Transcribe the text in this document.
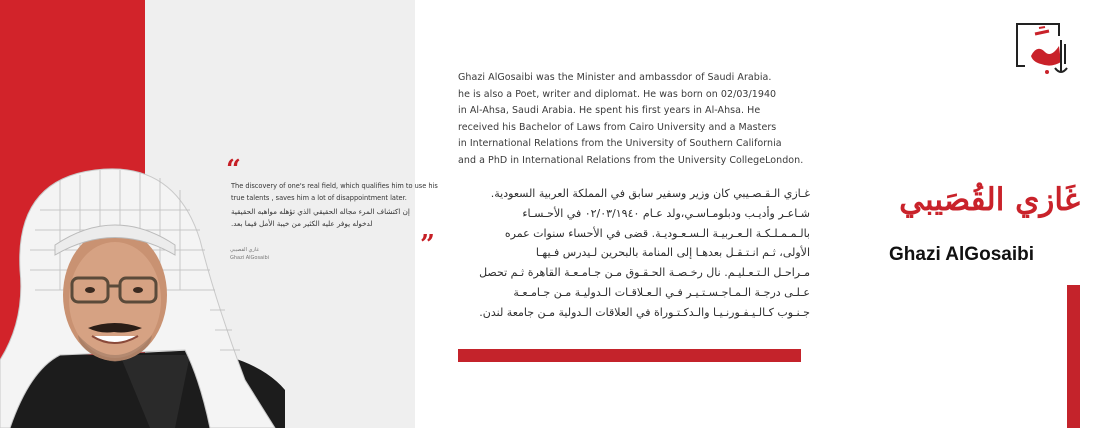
“
The discovery of one's real field, which qualifies him to use his true talents , saves him a lot of disappointment later.
إن اكتشاف المرء مجاله الحقيقي الذي تؤهله مواهبه الحقيقية لدخوله يوفر عليه الكثير من خيبة الأمل فيما بعد.
غازي القصيبي
Ghazi AlGosaibi	”

Ghazi AlGosaibi was the Minister and ambassdor of Saudi Arabia.

he is also a Poet, writer and diplomat. He was born on 02/03/1940

in Al-Ahsa, Saudi Arabia. He spent his first years in Al-Ahsa. He

received his Bachelor of Laws from Cairo University and a Masters

in International Relations from the University of Southern California

and a PhD in International Relations from the University CollegeLondon.

غـازي الـقـصـيبي كان وزير وسفير سابق في المملكة العربية السعودية.

شـاعـر وأديـب ودبلومـاسـي،ولد عـام ٠٢/٠٣/١٩٤٠ في الأحـسـاء

بالـمـمـلـكـة الـعـربيـة الـسـعـوديـة. قضى في الأحساء سنوات عمره

الأولى، ثـم انـتـقـل بعدهـا إلى المنامة بالبحرين لـيدرس فـيهـا

مـراحـل الـتـعـليـم. نال رخـصـة الحـقـوق مـن جـامـعـة القاهرة ثـم تحصل

عـلـى درجـة الـمـاجـسـتـيـر فـي الـعـلاقـات الـدوليـة مـن جـامـعـة

جـنـوب كـالـيـفـورنـيـا والـدكـتـوراة في العلاقات الـدولية مـن جامعة لندن.

غَازي القُصَيبي
Ghazi AlGosaibi
